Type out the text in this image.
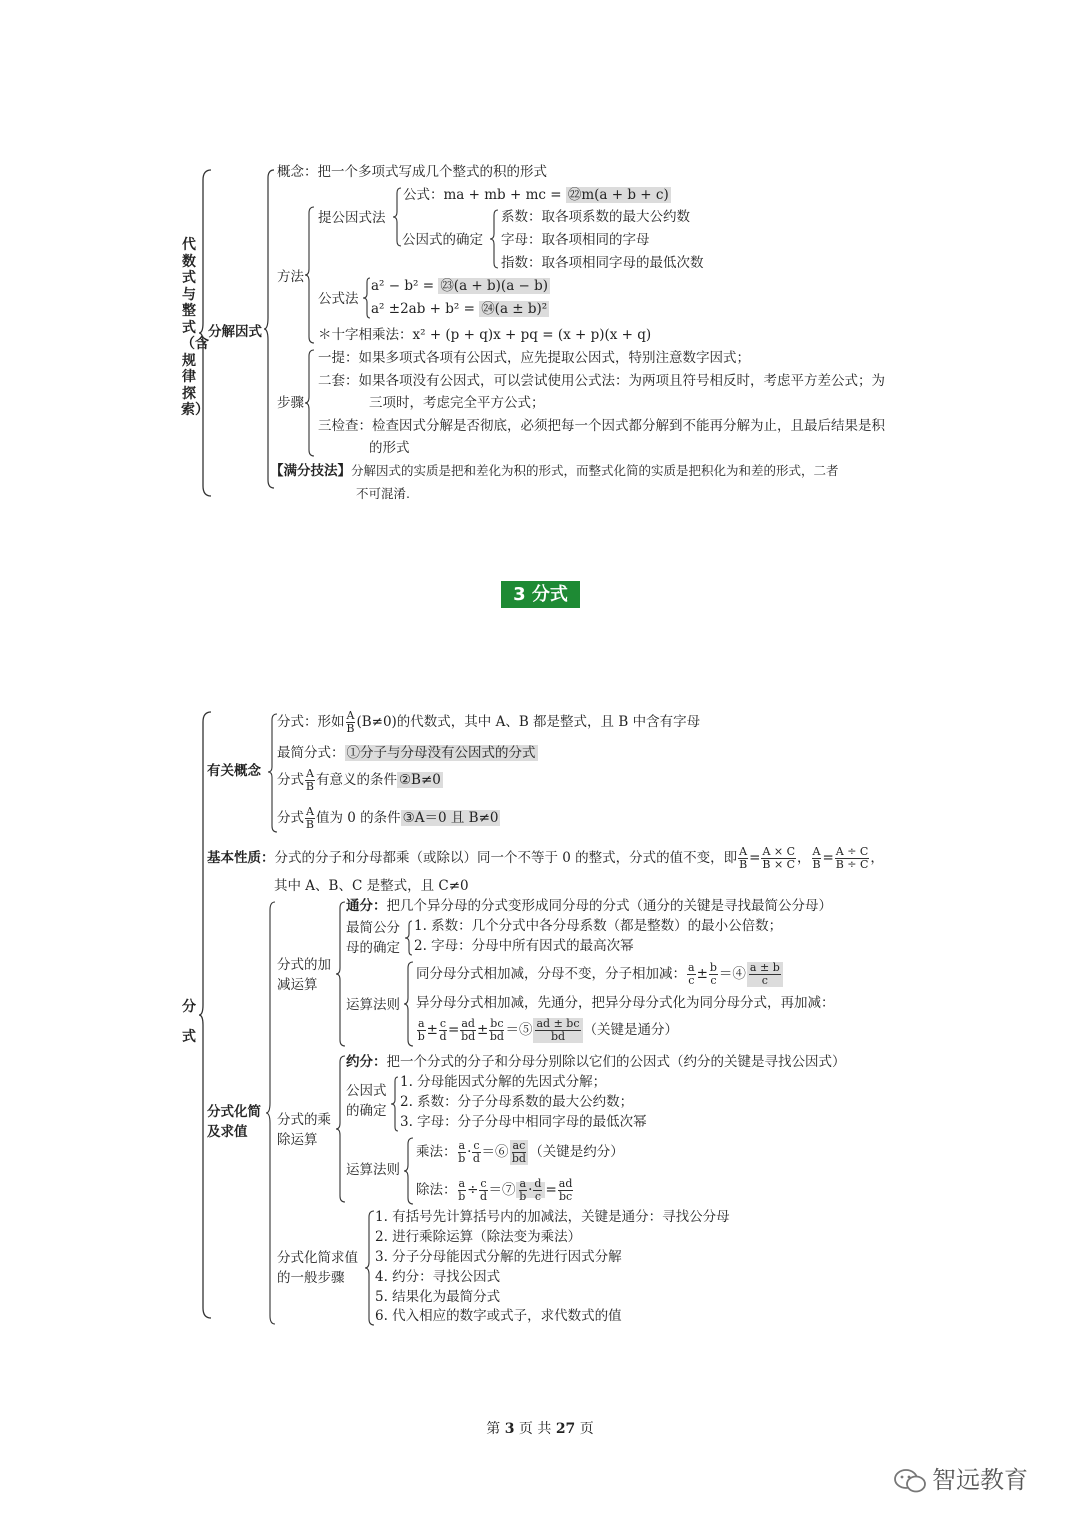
代数式与整式（含规律探索）
分解因式
概念：把一个多项式写成几个整式的积的形式
方法
提公因式法
公式：ma + mb + mc = ㉒m(a + b + c)
公因式的确定
系数：取各项系数的最大公约数
字母：取各项相同的字母
指数：取各项相同字母的最低次数
公式法
a² − b² = ㉓(a + b)(a − b)
a² ±2ab + b² = ㉔(a ± b)²
＊十字相乘法：x² + (p + q)x + pq = (x + p)(x + q)
步骤
一提：如果多项式各项有公因式，应先提取公因式，特别注意数字因式；
二套：如果各项没有公因式，可以尝试使用公式法：为两项且符号相反时，考虑平方差公式；为
三项时，考虑完全平方公式；
三检查：检查因式分解是否彻底，必须把每一个因式都分解到不能再分解为止，且最后结果是积
的形式
【满分技法】分解因式的实质是把和差化为积的形式，而整式化简的实质是把积化为和差的形式，二者
不可混淆.
3 分式
分式
有关概念
分式：形如 $\frac{A}{B} (B\ne 0)$的代数式，其中 A、B 都是整式，且 B 中含有字母
最简分式： ①分子与分母没有公因式的分式
分式 $\frac{A}{B}$ 有意义的条件 ②B≠0
分式 $\frac{A}{B}$ 值为 0 的条件 ③A＝0 且 B≠0
基本性质：分式的分子和分母都乘（或除以）同一个不等于 0 的整式，分式的值不变，即 $\frac{A}{B} = \frac{A \times C}{B \times C}$ ， $\frac{A}{B} = \frac{A \div C}{B \div C}$ ，
其中 A、B、C 是整式，且 C≠0
分式化简及求值
分式的加减运算
通分：把几个异分母的分式变形成同分母的分式（通分的关键是寻找最简公分母）
最简公分母的确定
1. 系数：几个分式中各分母系数（都是整数）的最小公倍数；
2. 字母：分母中所有因式的最高次幂
运算法则
同分母分式相加减，分母不变，分子相加减： $\frac{a}{c} \pm \frac{b}{c}$ ＝④ $\frac{a \pm b}{c}$
异分母分式相加减，先通分，把异分母分式化为同分母分式，再加减：
$\frac{a}{b} \pm \frac{c}{d} = \frac{ad}{bd} \pm \frac{bc}{bd}$ ＝⑤ $\frac{ad \pm bc}{bd}$ （关键是通分）
分式的乘除运算
约分：把一个分式的分子和分母分别除以它们的公因式（约分的关键是寻找公因式）
公因式的确定
1. 分母能因式分解的先因式分解；
2. 系数：分子分母系数的最大公约数；
3. 字母：分子分母中相同字母的最低次幂
运算法则
乘法： $\frac{a}{b} \cdot \frac{c}{d}$ ＝⑥ $\frac{ac}{bd}$ （关键是约分）
除法： $\frac{a}{b} \div \frac{c}{d}$ ＝⑦ $\frac{a}{b} \cdot \frac{d}{c} = \frac{ad}{bc}$
分式化简求值的一般步骤
1. 有括号先计算括号内的加减法，关键是通分：寻找公分母
2. 进行乘除运算（除法变为乘法）
3. 分子分母能因式分解的先进行因式分解
4. 约分：寻找公因式
5. 结果化为最简分式
6. 代入相应的数字或式子，求代数式的值
第 3 页 共 27 页
智远教育
